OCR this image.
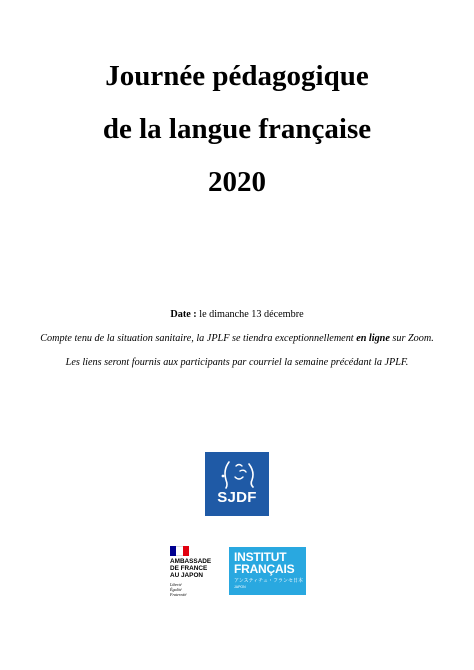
Journée pédagogique
de la langue française
2020
Date : le dimanche 13 décembre
Compte tenu de la situation sanitaire, la JPLF se tiendra exceptionnellement en ligne sur Zoom.
Les liens seront fournis aux participants par courriel la semaine précédant la JPLF.
SJDF
AMBASSADE
DE FRANCE
AU JAPON
Liberté
Égalité
Fraternité
INSTITUT
FRANÇAIS
アンスティチュ・フランセ日本
JAPON
